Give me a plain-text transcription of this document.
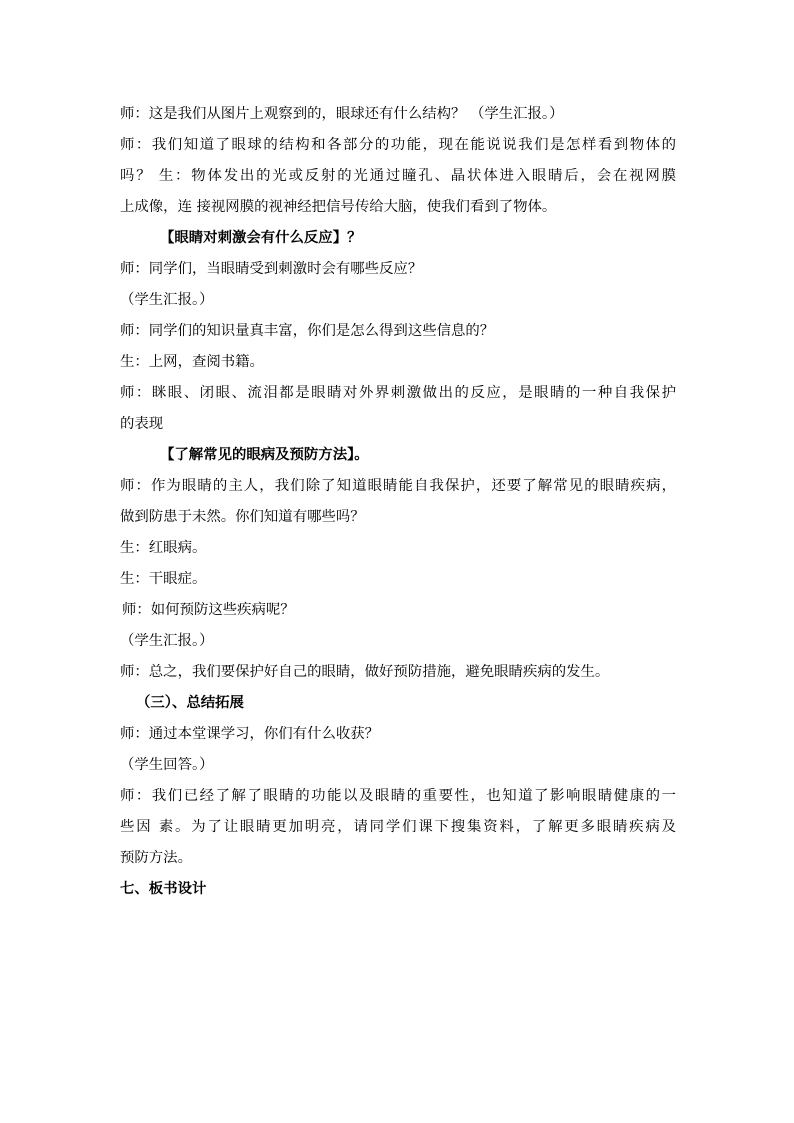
师：这是我们从图片上观察到的，眼球还有什么结构？ （学生汇报。）

师：我们知道了眼球的结构和各部分的功能，现在能说说我们是怎样看到物体的

吗？ 生：物体发出的光或反射的光通过瞳孔、晶状体进入眼睛后，会在视网膜

上成像，连 接视网膜的视神经把信号传给大脑，使我们看到了物体。

【眼睛对刺激会有什么反应】？

师：同学们，当眼睛受到刺激时会有哪些反应？

（学生汇报。）

师：同学们的知识量真丰富，你们是怎么得到这些信息的？

生：上网，查阅书籍。

师：眯眼、闭眼、流泪都是眼睛对外界刺激做出的反应，是眼睛的一种自我保护

的表现

【了解常见的眼病及预防方法】。

师：作为眼睛的主人，我们除了知道眼睛能自我保护，还要了解常见的眼睛疾病，

做到防患于未然。你们知道有哪些吗？

生：红眼病。

生：干眼症。

师：如何预防这些疾病呢？

（学生汇报。）

师：总之，我们要保护好自己的眼睛，做好预防措施，避免眼睛疾病的发生。

（三）、总结拓展

师：通过本堂课学习，你们有什么收获？

（学生回答。）

师：我们已经了解了眼睛的功能以及眼睛的重要性，也知道了影响眼睛健康的一

些因 素。为了让眼睛更加明亮，请同学们课下搜集资料，了解更多眼睛疾病及

预防方法。

七、板书设计
